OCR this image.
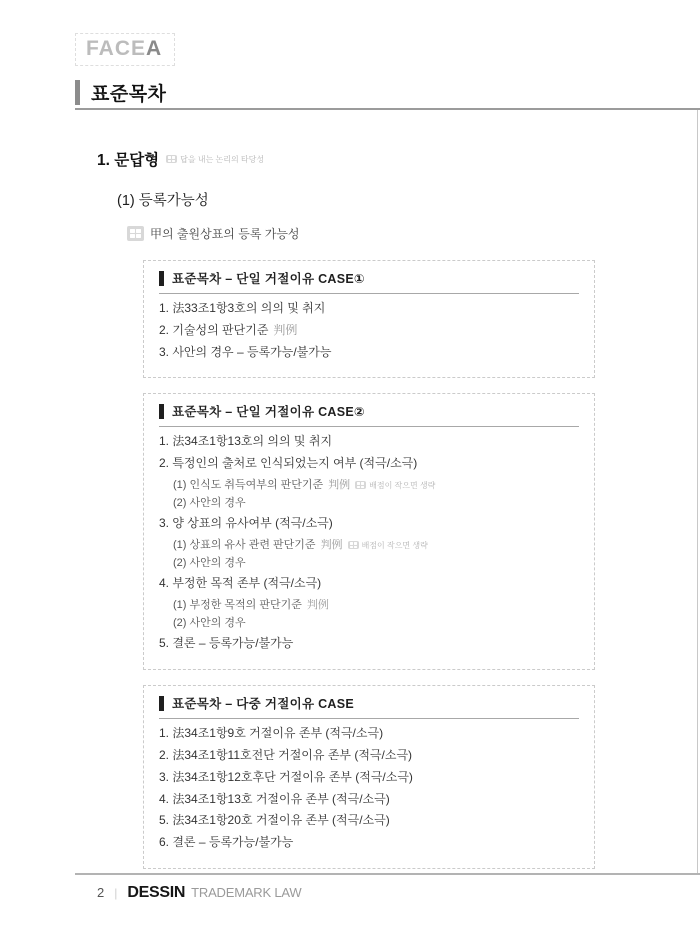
FACEA
표준목차
1. 문답형	답을 내는 논리의 타당성
(1) 등록가능성
甲의 출원상표의 등록 가능성
표준목차 – 단일 거절이유 CASE①
1. 法33조1항3호의 의의 및 취지
2. 기술성의 판단기준 判例
3. 사안의 경우 – 등록가능/불가능
표준목차 – 단일 거절이유 CASE②
1. 法34조1항13호의 의의 및 취지
2. 특정인의 출처로 인식되었는지 여부 (적극/소극)
(1) 인식도 취득여부의 판단기준 判例 배점이 작으면 생략
(2) 사안의 경우
3. 양 상표의 유사여부 (적극/소극)
(1) 상표의 유사 관련 판단기준 判例 배점이 작으면 생략
(2) 사안의 경우
4. 부정한 목적 존부 (적극/소극)
(1) 부정한 목적의 판단기준 判例
(2) 사안의 경우
5. 결론 – 등록가능/불가능
표준목차 – 다중 거절이유 CASE
1. 法34조1항9호 거절이유 존부 (적극/소극)
2. 法34조1항11호전단 거절이유 존부 (적극/소극)
3. 法34조1항12호후단 거절이유 존부 (적극/소극)
4. 法34조1항13호 거절이유 존부 (적극/소극)
5. 法34조1항20호 거절이유 존부 (적극/소극)
6. 결론 – 등록가능/불가능
2 | DESSIN TRADEMARK LAW
